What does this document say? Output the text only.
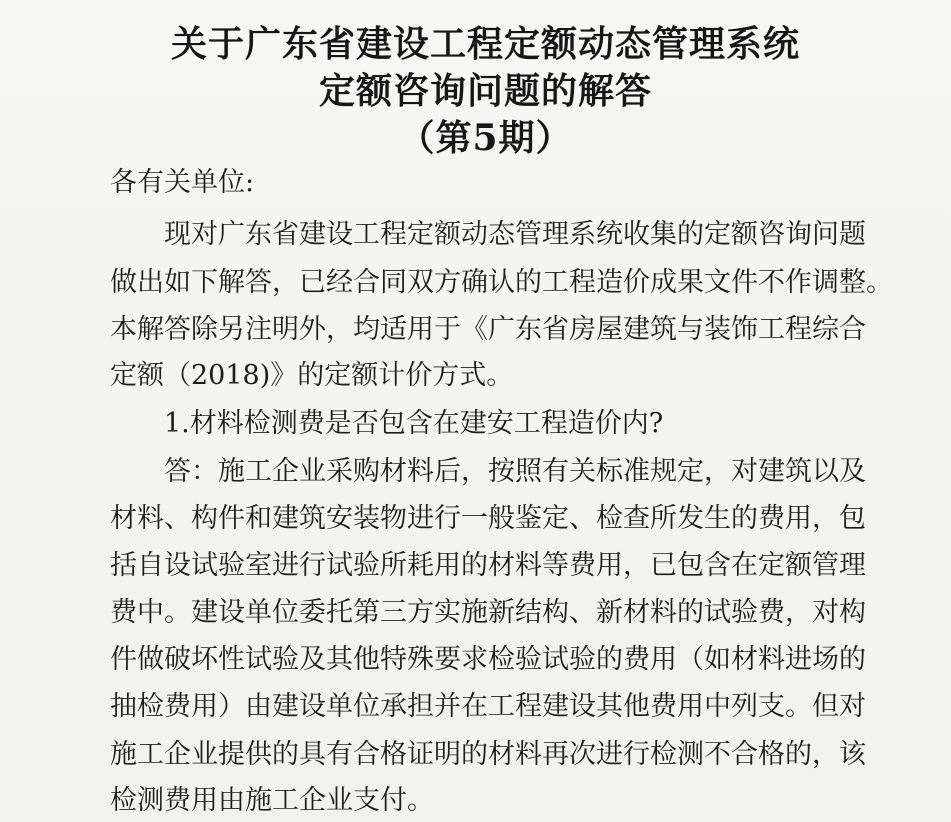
关于广东省建设工程定额动态管理系统
定额咨询问题的解答
（第5期）
各有关单位:
现对广东省建设工程定额动态管理系统收集的定额咨询问题
做出如下解答，已经合同双方确认的工程造价成果文件不作调整。
本解答除另注明外，均适用于《广东省房屋建筑与装饰工程综合
定额（2018)》的定额计价方式。
1.材料检测费是否包含在建安工程造价内?
答：施工企业采购材料后，按照有关标准规定，对建筑以及
材料、构件和建筑安装物进行一般鉴定、检查所发生的费用，包
括自设试验室进行试验所耗用的材料等费用，已包含在定额管理
费中。建设单位委托第三方实施新结构、新材料的试验费，对构
件做破坏性试验及其他特殊要求检验试验的费用（如材料进场的
抽检费用）由建设单位承担并在工程建设其他费用中列支。但对
施工企业提供的具有合格证明的材料再次进行检测不合格的，该
检测费用由施工企业支付。
